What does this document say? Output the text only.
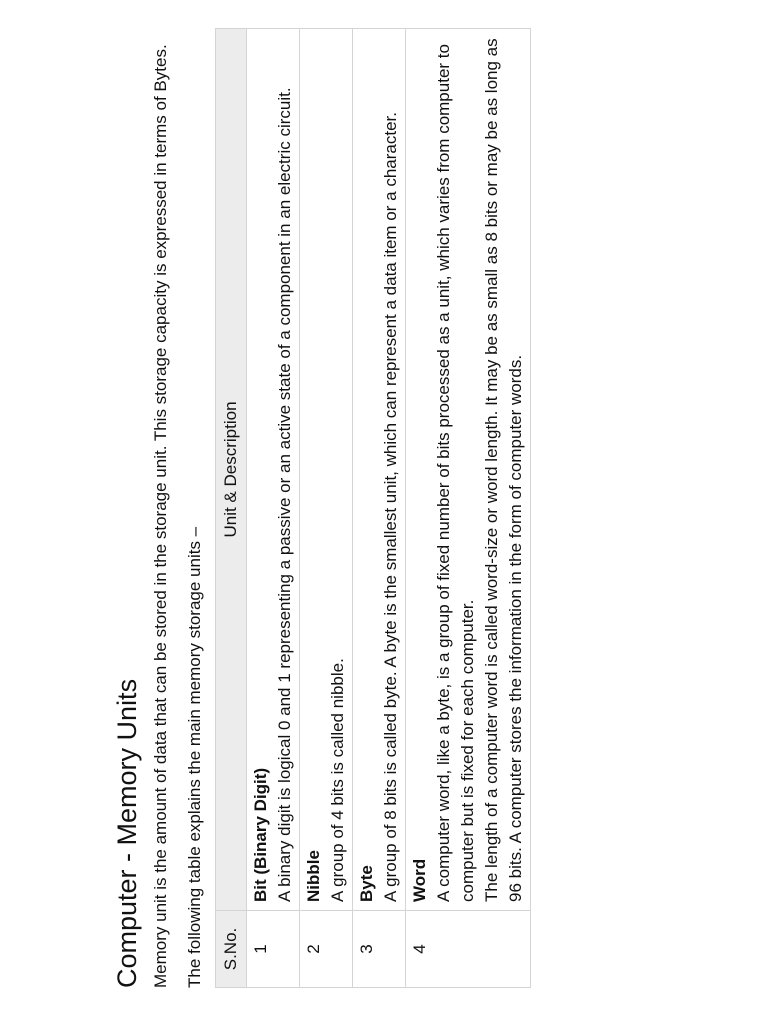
Computer - Memory Units Memory unit is the amount of data that can be stored in the storage unit. This storage capacity is expressed in terms of Bytes. The following table explains the main memory storage units – S.No.	Unit & Description
1	Bit (Binary Digit) A binary digit is logical 0 and 1 representing a passive or an active state of a component in an electric circuit.

2	Nibble A group of 4 bits is called nibble.

3	Byte A group of 8 bits is called byte. A byte is the smallest unit, which can represent a data item or a character.

4	Word A computer word, like a byte, is a group of fixed number of bits processed as a unit, which varies from computer to computer but is fixed for each computer. The length of a computer word is called word-size or word length. It may be as small as 8 bits or may be as long as 96 bits. A computer stores the information in the form of computer words.
